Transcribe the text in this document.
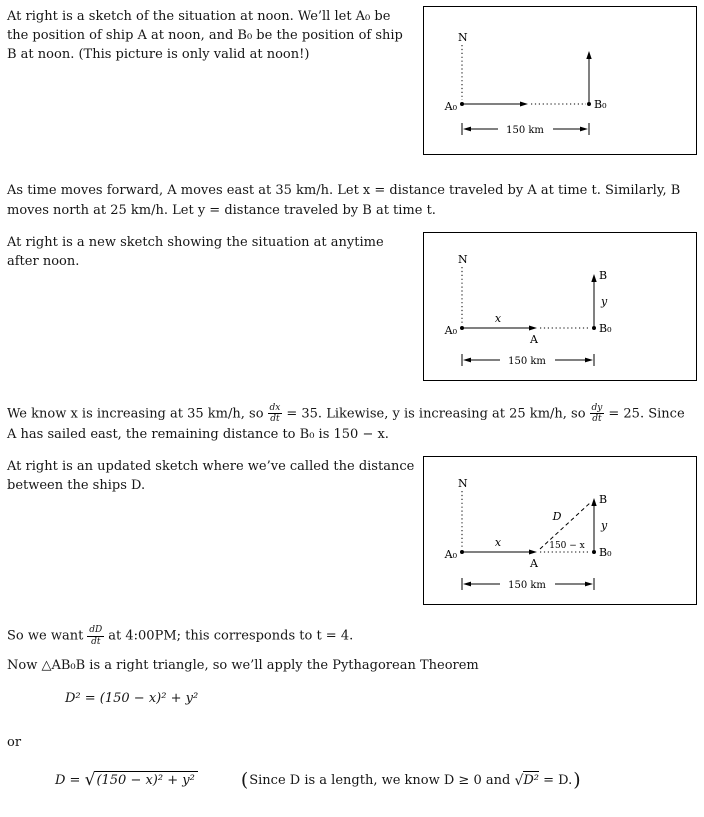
At right is a sketch of the situation at noon. We’ll let A₀ be the position of ship A at noon, and B₀ be the position of ship B at noon. (This picture is only valid at noon!)

N
A₀	B₀
150 km

As time moves forward, A moves east at 35 km/h. Let x = distance traveled by A at time t. Similarly, B moves north at 25 km/h. Let y = distance traveled by B at time t.

At right is a new sketch showing the situation at anytime after noon.	N
A₀
x
A
B₀
B
y
150 km

We know x is increasing at 35 km/h, so $\frac{dx}{dt} = 35$. Likewise, y is increasing at 25 km/h, so $\frac{dy}{dt} = 25$. Since A has sailed east, the remaining distance to B₀ is 150 − x.

At right is an updated sketch where we’ve called the distance between the ships D.	N
A₀
x
A
150 − x B₀
B
y
D
150 km

So we want $\frac{dD}{dt}$ at 4:00PM; this corresponds to t = 4.

Now △AB₀B is a right triangle, so we’ll apply the Pythagorean Theorem

D² = (150 − x)² + y²

or

D = √(150 − x)² + y² (Since D is a length, we know D ≥ 0 and √D² = D.)
